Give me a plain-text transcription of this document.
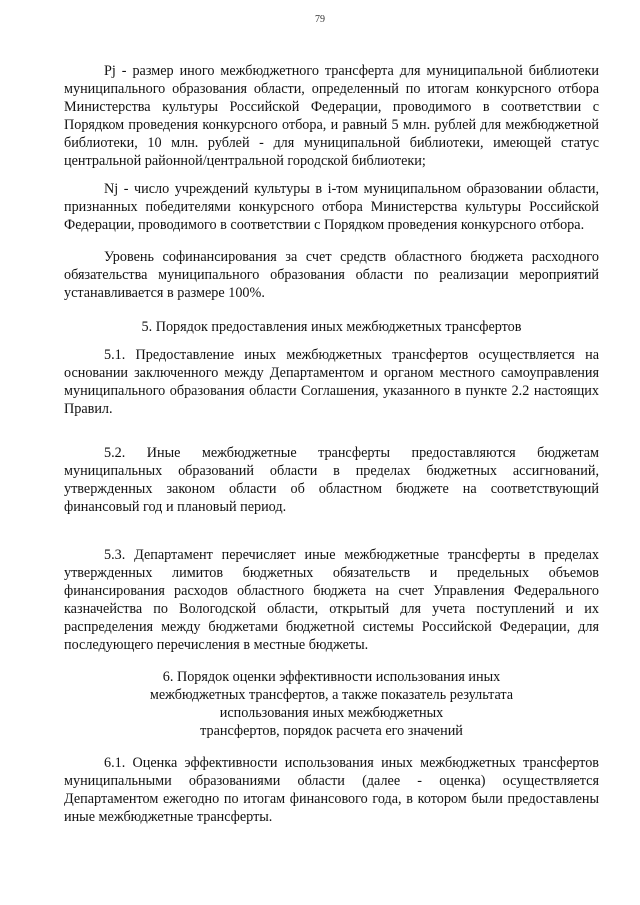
79

Pj - размер иного межбюджетного трансферта для муниципальной библиотеки муниципального образования области, определенный по итогам конкурсного отбора Министерства культуры Российской Федерации, проводимого в соответствии с Порядком проведения конкурсного отбора, и равный 5 млн. рублей для межбюджетной библиотеки, 10 млн. рублей - для муниципальной библиотеки, имеющей статус центральной районной/центральной городской библиотеки;

Nj - число учреждений культуры в i-том муниципальном образовании области, признанных победителями конкурсного отбора Министерства культуры Российской Федерации, проводимого в соответствии с Порядком проведения конкурсного отбора.

Уровень софинансирования за счет средств областного бюджета расходного обязательства муниципального образования области по реализации мероприятий устанавливается в размере 100%.

5. Порядок предоставления иных межбюджетных трансфертов

5.1. Предоставление иных межбюджетных трансфертов осуществляется на основании заключенного между Департаментом и органом местного самоуправления муниципального образования области Соглашения, указанного в пункте 2.2 настоящих Правил.

5.2. Иные межбюджетные трансферты предоставляются бюджетам муниципальных образований области в пределах бюджетных ассигнований, утвержденных законом области об областном бюджете на соответствующий финансовый год и плановый период.

5.3. Департамент перечисляет иные межбюджетные трансферты в пределах утвержденных лимитов бюджетных обязательств и предельных объемов финансирования расходов областного бюджета на счет Управления Федерального казначейства по Вологодской области, открытый для учета поступлений и их распределения между бюджетами бюджетной системы Российской Федерации, для последующего перечисления в местные бюджеты.

6. Порядок оценки эффективности использования иных

межбюджетных трансфертов, а также показатель результата

использования иных межбюджетных

трансфертов, порядок расчета его значений

6.1. Оценка эффективности использования иных межбюджетных трансфертов муниципальными образованиями области (далее - оценка) осуществляется Департаментом ежегодно по итогам финансового года, в котором были предоставлены иные межбюджетные трансферты.
